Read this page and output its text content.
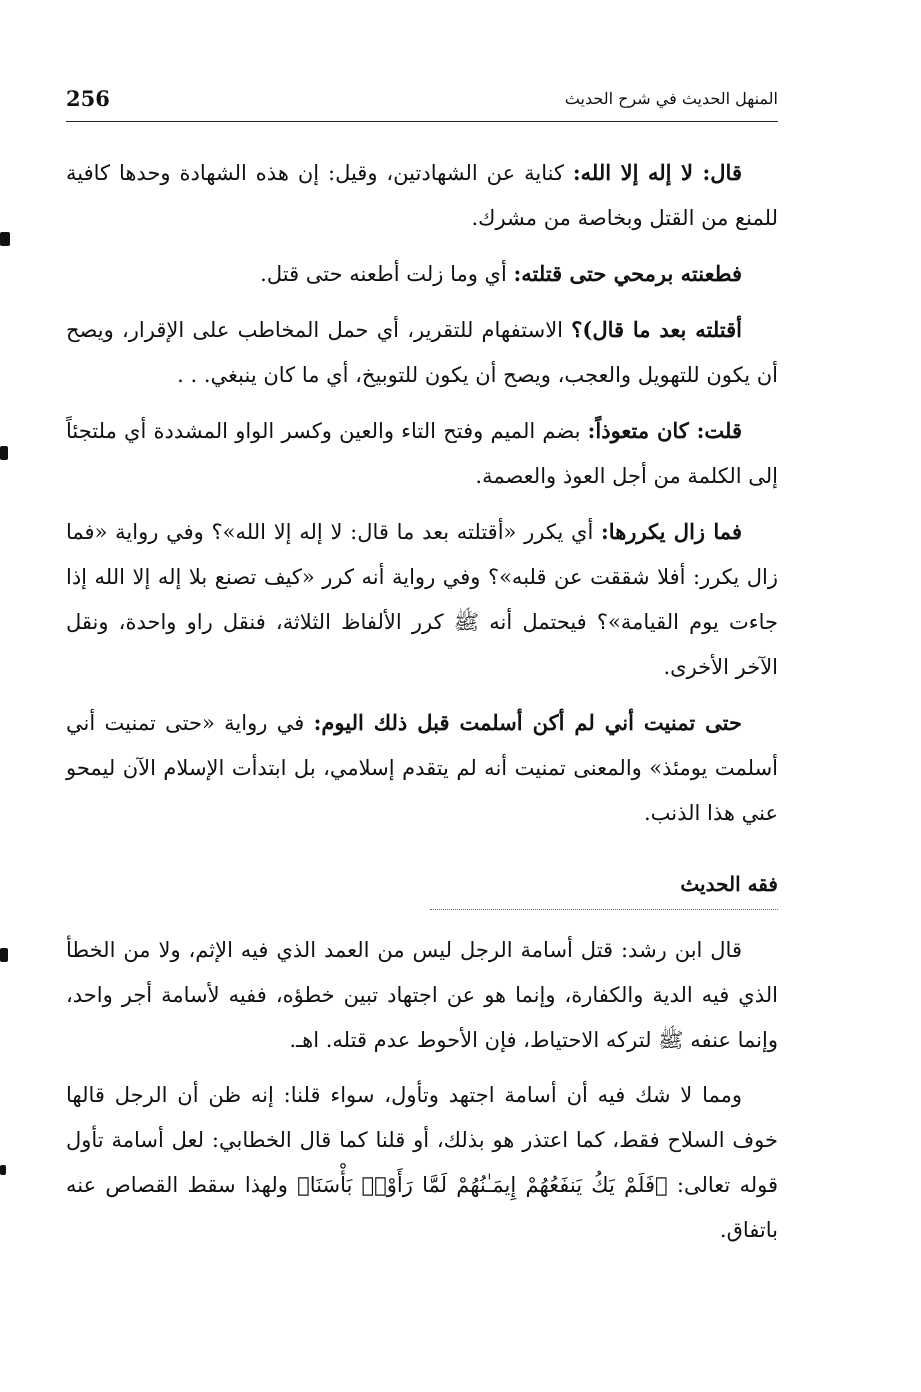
256	المنهل الحديث في شرح الحديث

قال: لا إله إلا الله: كناية عن الشهادتين، وقيل: إن هذه الشهادة وحدها كافية للمنع من القتل وبخاصة من مشرك.

فطعنته برمحي حتى قتلته: أي وما زلت أطعنه حتى قتل.

أقتلته بعد ما قال)؟ الاستفهام للتقرير، أي حمل المخاطب على الإقرار، ويصح أن يكون للتهويل والعجب، ويصح أن يكون للتوبيخ، أي ما كان ينبغي. . .

قلت: كان متعوذاً: بضم الميم وفتح التاء والعين وكسر الواو المشددة أي ملتجئاً إلى الكلمة من أجل العوذ والعصمة.

فما زال يكررها: أي يكرر «أقتلته بعد ما قال: لا إله إلا الله»؟ وفي رواية «فما زال يكرر: أفلا شققت عن قلبه»؟ وفي رواية أنه كرر «كيف تصنع بلا إله إلا الله إذا جاءت يوم القيامة»؟ فيحتمل أنه ﷺ كرر الألفاظ الثلاثة، فنقل راو واحدة، ونقل الآخر الأخرى.

حتى تمنيت أني لم أكن أسلمت قبل ذلك اليوم: في رواية «حتى تمنيت أني أسلمت يومئذ» والمعنى تمنيت أنه لم يتقدم إسلامي، بل ابتدأت الإسلام الآن ليمحو عني هذا الذنب.

فقه الحديث

قال ابن رشد: قتل أسامة الرجل ليس من العمد الذي فيه الإثم، ولا من الخطأ الذي فيه الدية والكفارة، وإنما هو عن اجتهاد تبين خطؤه، ففيه لأسامة أجر واحد، وإنما عنفه ﷺ لتركه الاحتياط، فإن الأحوط عدم قتله. اهـ.

ومما لا شك فيه أن أسامة اجتهد وتأول، سواء قلنا: إنه ظن أن الرجل قالها خوف السلاح فقط، كما اعتذر هو بذلك، أو قلنا كما قال الخطابي: لعل أسامة تأول قوله تعالى: ﴿فَلَمْ يَكُ يَنفَعُهُمْ إِيمَـٰنُهُمْ لَمَّا رَأَوْا۟ بَأْسَنَا﴾ ولهذا سقط القصاص عنه باتفاق.
